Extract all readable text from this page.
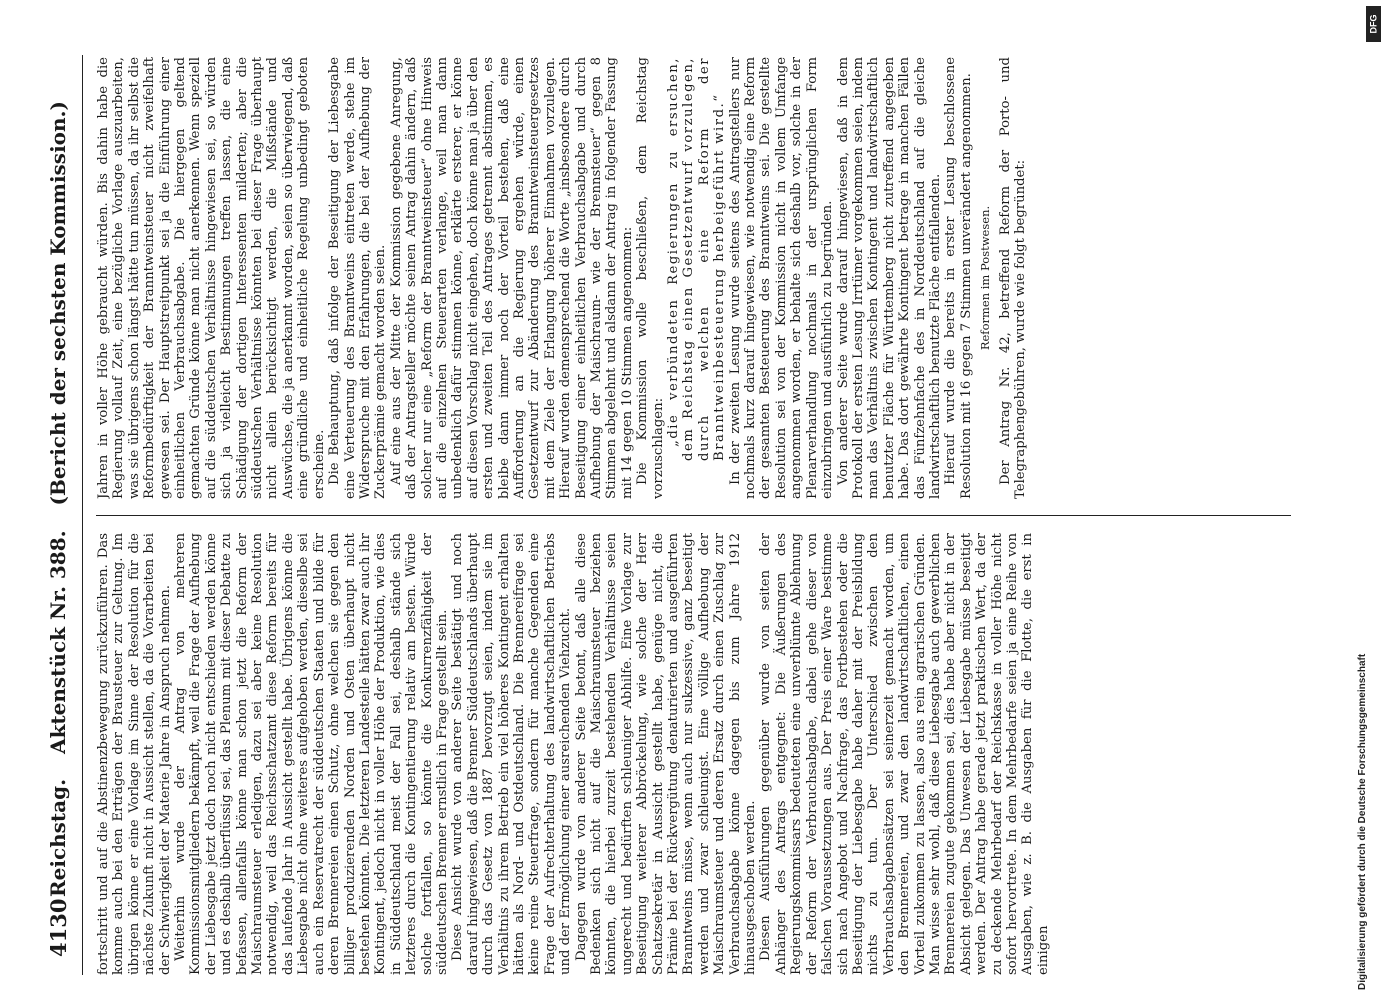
4130
Reichstag. Aktenstück Nr. 388. (Bericht der sechsten Kommission.)

fortschritt und auf die Abstinenzbewegung zurückzuführen. Das komme auch bei den Erträgen der Brausteuer zur Geltung. Im übrigen könne er eine Vorlage im Sinne der Resolution für die nächste Zukunft nicht in Aussicht stellen, da die Vorarbeiten bei der Schwierigkeit der Materie Jahre in Anspruch nehmen. Weiterhin wurde der Antrag von mehreren Kommissionsmitgliedern bekämpft, weil die Frage der Aufhebung der Liebesgabe jetzt doch noch nicht entschieden werden könne und es deshalb überflüssig sei, das Plenum mit dieser Debatte zu befassen, allenfalls könne man schon jetzt die Reform der Maischraumsteuer erledigen, dazu sei aber keine Resolution notwendig, weil das Reichsschatzamt diese Reform bereits für das laufende Jahr in Aussicht gestellt habe. Übrigens könne die Liebesgabe nicht ohne weiteres aufgehoben werden, dieselbe sei auch ein Reservatrecht der süddeutschen Staaten und bilde für deren Brennereien einen Schutz, ohne welchen sie gegen den billiger produzierenden Norden und Osten überhaupt nicht bestehen könnten. Die letzteren Landesteile hätten zwar auch ihr Kontingent, jedoch nicht in voller Höhe der Produktion, wie dies in Süddeutschland meist der Fall sei, deshalb stände sich letzteres durch die Kontingentierung relativ am besten. Würde solche fortfallen, so könnte die Konkurrenzfähigkeit der süddeutschen Brenner ernstlich in Frage gestellt sein. Diese Ansicht wurde von anderer Seite bestätigt und noch darauf hingewiesen, daß die Brenner Süddeutschlands überhaupt durch das Gesetz von 1887 bevorzugt seien, indem sie im Verhältnis zu ihrem Betrieb ein viel höheres Kontingent erhalten hätten als Nord- und Ostdeutschland. Die Brennereifrage sei keine reine Steuerfrage, sondern für manche Gegenden eine Frage der Aufrechterhaltung des landwirtschaftlichen Betriebs und der Ermöglichung einer ausreichenden Viehzucht. Dagegen wurde von anderer Seite betont, daß alle diese Bedenken sich nicht auf die Maischraumsteuer beziehen könnten, die hierbei zurzeit bestehenden Verhältnisse seien ungerecht und bedürften schleuniger Abhilfe. Eine Vorlage zur Beseitigung weiterer Abbröckelung, wie solche der Herr Schatzsekretär in Aussicht gestellt habe, genüge nicht, die Prämie bei der Rückvergütung denaturierten und ausgeführten Branntweins müsse, wenn auch nur sukzessive, ganz beseitigt werden und zwar schleunigst. Eine völlige Aufhebung der Maischraumsteuer und deren Ersatz durch einen Zuschlag zur Verbrauchsabgabe könne dagegen bis zum Jahre 1912 hinausgeschoben werden. Diesen Ausführungen gegenüber wurde von seiten der Anhänger des Antrags entgegnet: Die Äußerungen des Regierungskommissars bedeuteten eine unverblümte Ablehnung der Reform der Verbrauchsabgabe, dabei gehe dieser von falschen Voraussetzungen aus. Der Preis einer Ware bestimme sich nach Angebot und Nachfrage, das Fortbestehen oder die Beseitigung der Liebesgabe habe daher mit der Preisbildung nichts zu tun. Der Unterschied zwischen den Verbrauchsabgabensätzen sei seinerzeit gemacht worden, um den Brennereien, und zwar den landwirtschaftlichen, einen Vorteil zukommen zu lassen, also aus rein agrarischen Gründen. Man wisse sehr wohl, daß diese Liebesgabe auch gewerblichen Brennereien zugute gekommen sei, dies habe aber nicht in der Absicht gelegen. Das Unwesen der Liebesgabe müsse beseitigt werden. Der Antrag habe gerade jetzt praktischen Wert, da der zu deckende Mehrbedarf der Reichskasse in voller Höhe nicht sofort hervortrete. In dem Mehrbedarfe seien ja eine Reihe von Ausgaben, wie z. B. die Ausgaben für die Flotte, die erst in einigen

Jahren in voller Höhe gebraucht würden. Bis dahin habe die Regierung vollauf Zeit, eine bezügliche Vorlage auszuarbeiten, was sie übrigens schon längst hätte tun müssen, da ihr selbst die Reformbedürftigkeit der Branntweinsteuer nicht zweifelhaft gewesen sei. Der Hauptstreitpunkt sei ja die Einführung einer einheitlichen Verbrauchsabgabe. Die hiergegen geltend gemachten Gründe könne man nicht anerkennen. Wenn speziell auf die süddeutschen Verhältnisse hingewiesen sei, so würden sich ja vielleicht Bestimmungen treffen lassen, die eine Schädigung der dortigen Interessenten milderten; aber die süddeutschen Verhältnisse könnten bei dieser Frage überhaupt nicht allein berücksichtigt werden, die Mißstände und Auswüchse, die ja anerkannt worden, seien so überwiegend, daß eine gründliche und einheitliche Regelung unbedingt geboten erscheine. Die Behauptung, daß infolge der Beseitigung der Liebesgabe eine Verteuerung des Branntweins eintreten werde, stehe im Widerspruche mit den Erfahrungen, die bei der Aufhebung der Zuckerprämie gemacht worden seien. Auf eine aus der Mitte der Kommission gegebene Anregung, daß der Antragsteller möchte seinen Antrag dahin ändern, daß solcher nur eine „Reform der Branntweinsteuer“ ohne Hinweis auf die einzelnen Steuerarten verlange, weil man dann unbedenklich dafür stimmen könne, erklärte ersterer, er könne auf diesen Vorschlag nicht eingehen, doch könne man ja über den ersten und zweiten Teil des Antrages getrennt abstimmen, es bleibe dann immer noch der Vorteil bestehen, daß eine Aufforderung an die Regierung ergehen würde, einen Gesetzentwurf zur Abänderung des Branntweinsteuergesetzes mit dem Ziele der Erlangung höherer Einnahmen vorzulegen. Hierauf wurden demensprechend die Worte „insbesondere durch Beseitigung einer einheitlichen Verbrauchsabgabe und durch Aufhebung der Maischraum- wie der Brennsteuer“ gegen 8 Stimmen abgelehnt und alsdann der Antrag in folgender Fassung mit 14 gegen 10 Stimmen angenommen: Die Kommission wolle beschließen, dem Reichstag vorzuschlagen:

„die verbündeten Regierungen zu ersuchen, dem Reichstag einen Gesetzentwurf vorzulegen, durch welchen eine Reform der Branntweinbesteuerung herbeigeführt wird.“ In der zweiten Lesung wurde seitens des Antragstellers nur nochmals kurz darauf hingewiesen, wie notwendig eine Reform der gesamten Besteuerung des Branntweins sei. Die gestellte Resolution sei von der Kommission nicht in vollem Umfange angenommen worden, er behalte sich deshalb vor, solche in der Plenarverhandlung nochmals in der ursprünglichen Form einzubringen und ausführlich zu begründen. Von anderer Seite wurde darauf hingewiesen, daß in dem Protokoll der ersten Lesung Irrtümer vorgekommen seien, indem man das Verhältnis zwischen Kontingent und landwirtschaftlich benutzter Fläche für Württemberg nicht zutreffend angegeben habe. Das dort gewährte Kontingent betrage in manchen Fällen das Fünfzehnfache des in Norddeutschland auf die gleiche landwirtschaftlich benutzte Fläche entfallenden. Hierauf wurde die bereits in erster Lesung beschlossene Resolution mit 16 gegen 7 Stimmen unverändert angenommen. Reformen im Postwesen. Der Antrag Nr. 42, betreffend Reform der Porto- und Telegraphengebühren, wurde wie folgt begründet:

Digitalisierung gefördert durch die Deutsche Forschungsgemeinschaft
DFG
